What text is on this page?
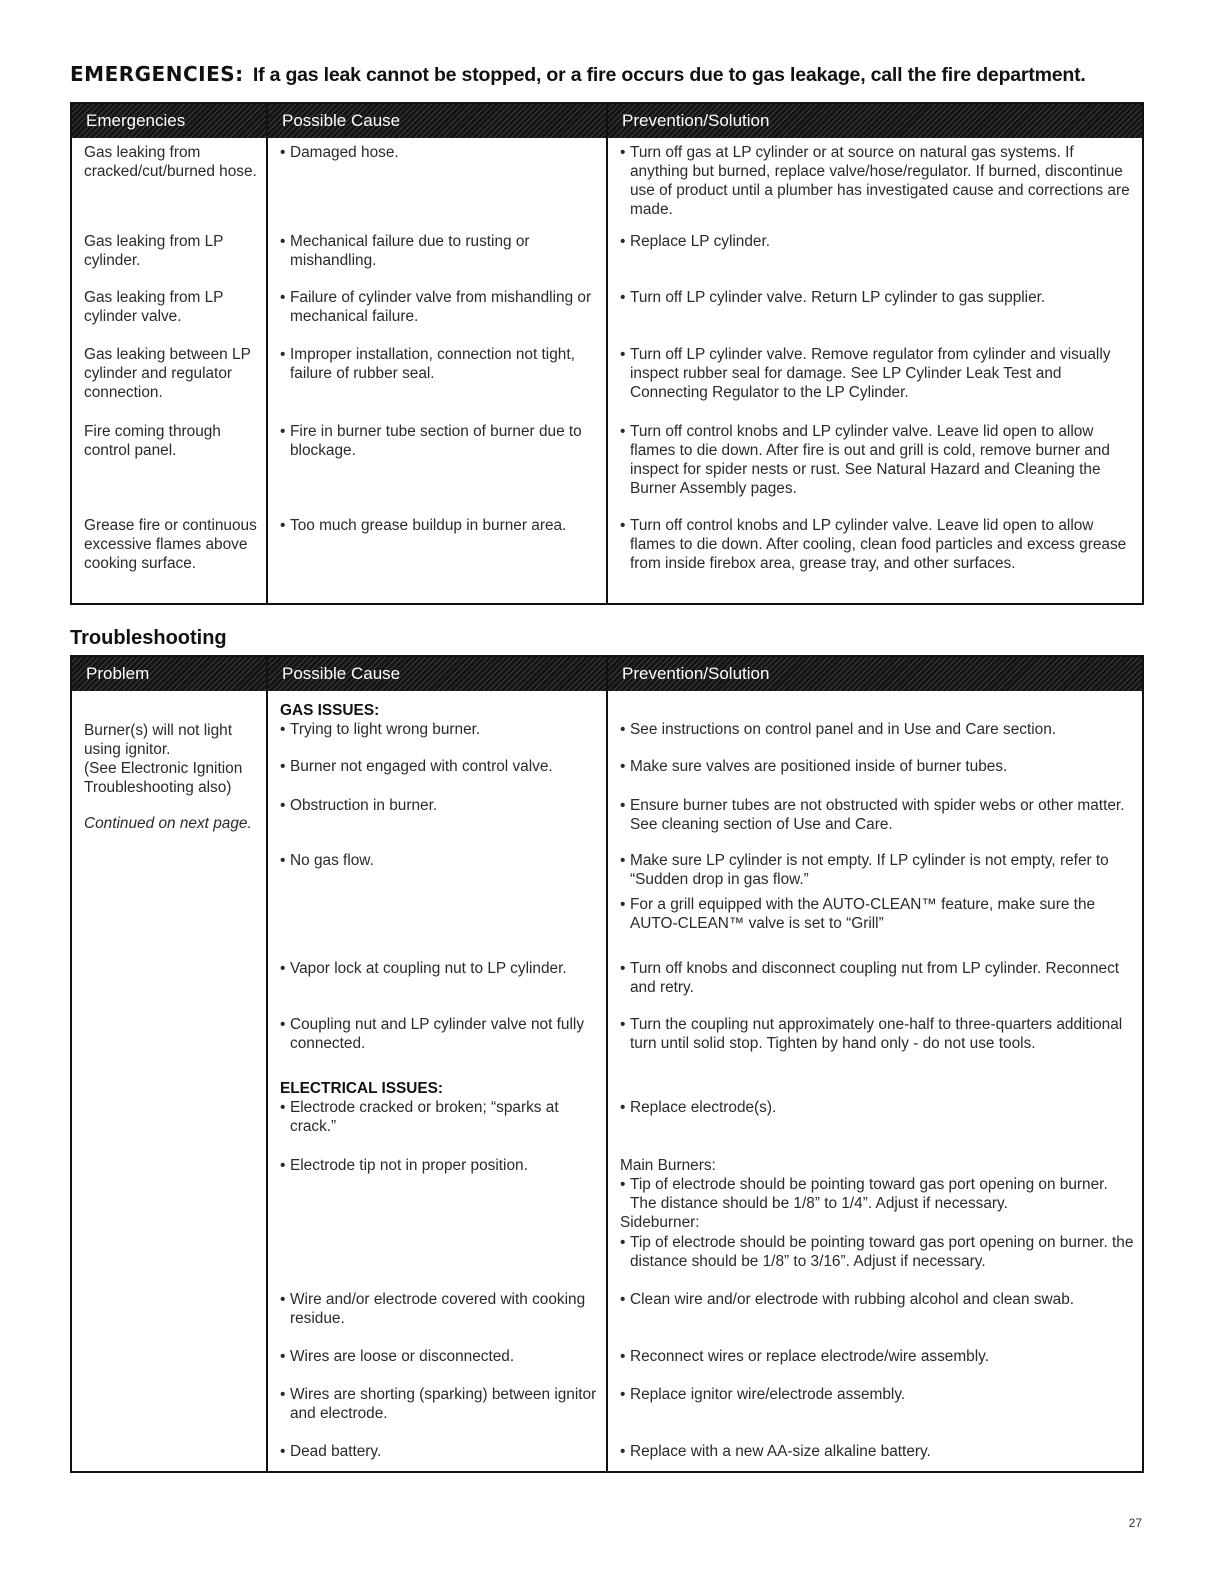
EMERGENCIES: If a gas leak cannot be stopped, or a fire occurs due to gas leakage, call the fire department.
Emergencies	Possible Cause	Prevention/Solution
Gas leaking from cracked/cut/burned hose.	• Damaged hose.	• Turn off gas at LP cylinder or at source on natural gas systems. If anything but burned, replace valve/hose/regulator. If burned, discontinue use of product until a plumber has investigated cause and corrections are made.

Gas leaking from LP cylinder.	• Mechanical failure due to rusting or mishandling.	• Replace LP cylinder.

Gas leaking from LP cylinder valve.	• Failure of cylinder valve from mishandling or mechanical failure.	• Turn off LP cylinder valve. Return LP cylinder to gas supplier.

Gas leaking between LP cylinder and regulator connection.	• Improper installation, connection not tight, failure of rubber seal.	• Turn off LP cylinder valve. Remove regulator from cylinder and visually inspect rubber seal for damage. See LP Cylinder Leak Test and Connecting Regulator to the LP Cylinder.

Fire coming through control panel.	• Fire in burner tube section of burner due to blockage.	• Turn off control knobs and LP cylinder valve. Leave lid open to allow flames to die down. After fire is out and grill is cold, remove burner and inspect for spider nests or rust. See Natural Hazard and Cleaning the Burner Assembly pages.

Grease fire or continuous excessive flames above cooking surface.	• Too much grease buildup in burner area.	• Turn off control knobs and LP cylinder valve. Leave lid open to allow flames to die down. After cooling, clean food particles and excess grease from inside firebox area, grease tray, and other surfaces.
Troubleshooting
Problem	Possible Cause	Prevention/Solution

Burner(s) will not light using ignitor.
(See Electronic Ignition Troubleshooting also)
Continued on next page.	GAS ISSUES:	

	• Trying to light wrong burner.	• See instructions on control panel and in Use and Care section.

	• Burner not engaged with control valve.	• Make sure valves are positioned inside of burner tubes.

	• Obstruction in burner.	• Ensure burner tubes are not obstructed with spider webs or other matter. See cleaning section of Use and Care.

	• No gas flow.	• Make sure LP cylinder is not empty. If LP cylinder is not empty, refer to “Sudden drop in gas flow.”
• For a grill equipped with the AUTO-CLEAN™ feature, make sure the AUTO-CLEAN™ valve is set to “Grill”

	• Vapor lock at coupling nut to LP cylinder.	• Turn off knobs and disconnect coupling nut from LP cylinder. Reconnect and retry.

	• Coupling nut and LP cylinder valve not fully connected.	• Turn the coupling nut approximately one-half to three-quarters additional turn until solid stop. Tighten by hand only - do not use tools.

	ELECTRICAL ISSUES:	

	• Electrode cracked or broken; “sparks at crack.”	• Replace electrode(s).

	• Electrode tip not in proper position.	Main Burners:
• Tip of electrode should be pointing toward gas port opening on burner. The distance should be 1/8” to 1/4”. Adjust if necessary.
Sideburner:
• Tip of electrode should be pointing toward gas port opening on burner. the distance should be 1/8” to 3/16”. Adjust if necessary.

	• Wire and/or electrode covered with cooking residue.	• Clean wire and/or electrode with rubbing alcohol and clean swab.

	• Wires are loose or disconnected.	• Reconnect wires or replace electrode/wire assembly.

	• Wires are shorting (sparking) between ignitor and electrode.	• Replace ignitor wire/electrode assembly.

	• Dead battery.	• Replace with a new AA-size alkaline battery.
27
